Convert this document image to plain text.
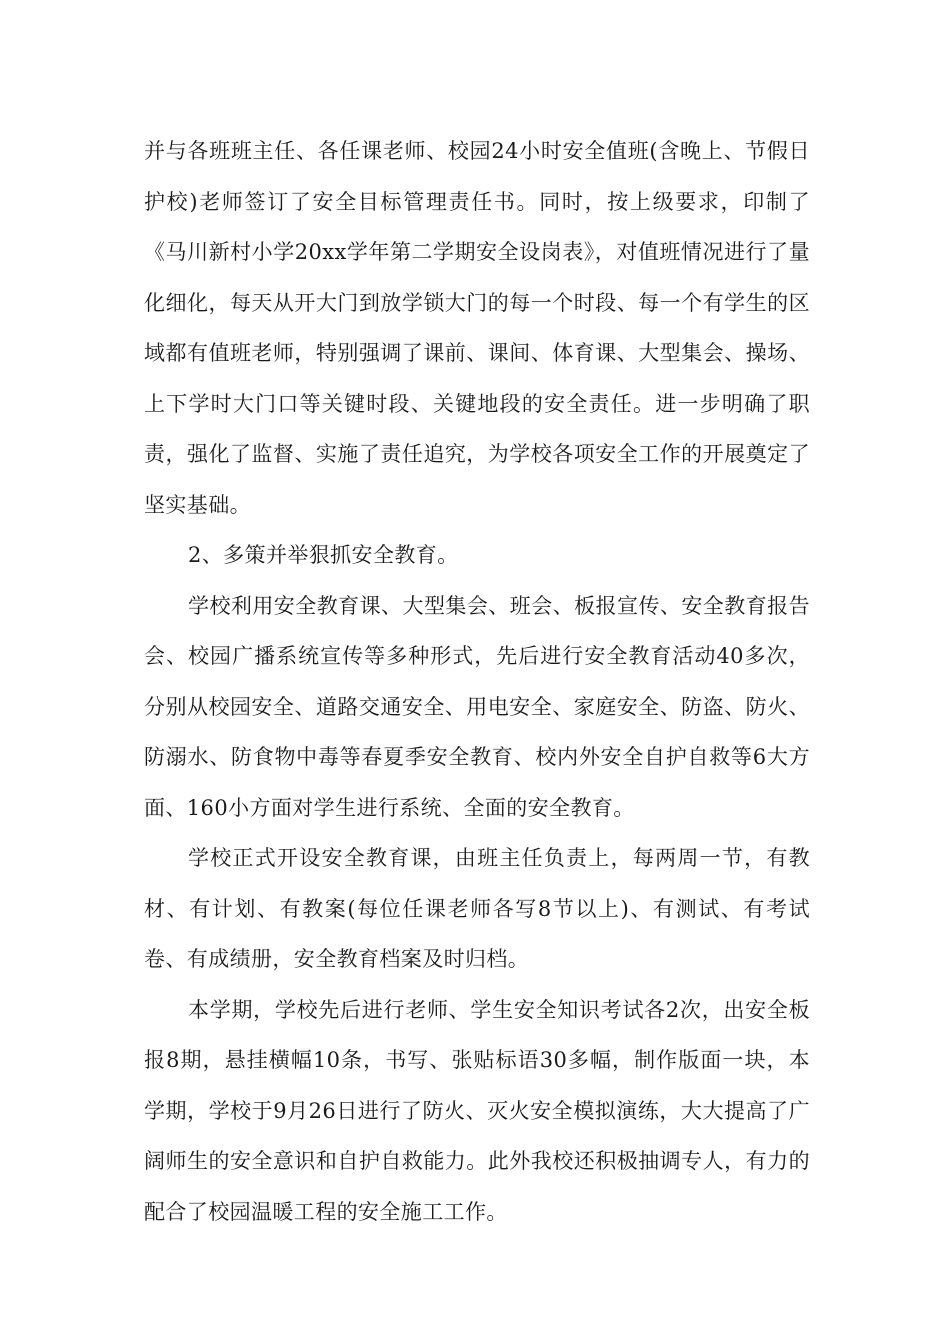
并与各班班主任、各任课老师、校园24小时安全值班(含晚上、节假日护校)老师签订了安全目标管理责任书。同时，按上级要求，印制了《马川新村小学20xx学年第二学期安全设岗表》，对值班情况进行了量化细化，每天从开大门到放学锁大门的每一个时段、每一个有学生的区域都有值班老师，特别强调了课前、课间、体育课、大型集会、操场、上下学时大门口等关键时段、关键地段的安全责任。进一步明确了职责，强化了监督、实施了责任追究，为学校各项安全工作的开展奠定了坚实基础。

2、多策并举狠抓安全教育。

学校利用安全教育课、大型集会、班会、板报宣传、安全教育报告会、校园广播系统宣传等多种形式，先后进行安全教育活动40多次，分别从校园安全、道路交通安全、用电安全、家庭安全、防盗、防火、防溺水、防食物中毒等春夏季安全教育、校内外安全自护自救等6大方面、160小方面对学生进行系统、全面的安全教育。

学校正式开设安全教育课，由班主任负责上，每两周一节，有教材、有计划、有教案(每位任课老师各写8节以上)、有测试、有考试卷、有成绩册，安全教育档案及时归档。

本学期，学校先后进行老师、学生安全知识考试各2次，出安全板报8期，悬挂横幅10条，书写、张贴标语30多幅，制作版面一块，本学期，学校于9月26日进行了防火、灭火安全模拟演练，大大提高了广阔师生的安全意识和自护自救能力。此外我校还积极抽调专人，有力的配合了校园温暖工程的安全施工工作。
